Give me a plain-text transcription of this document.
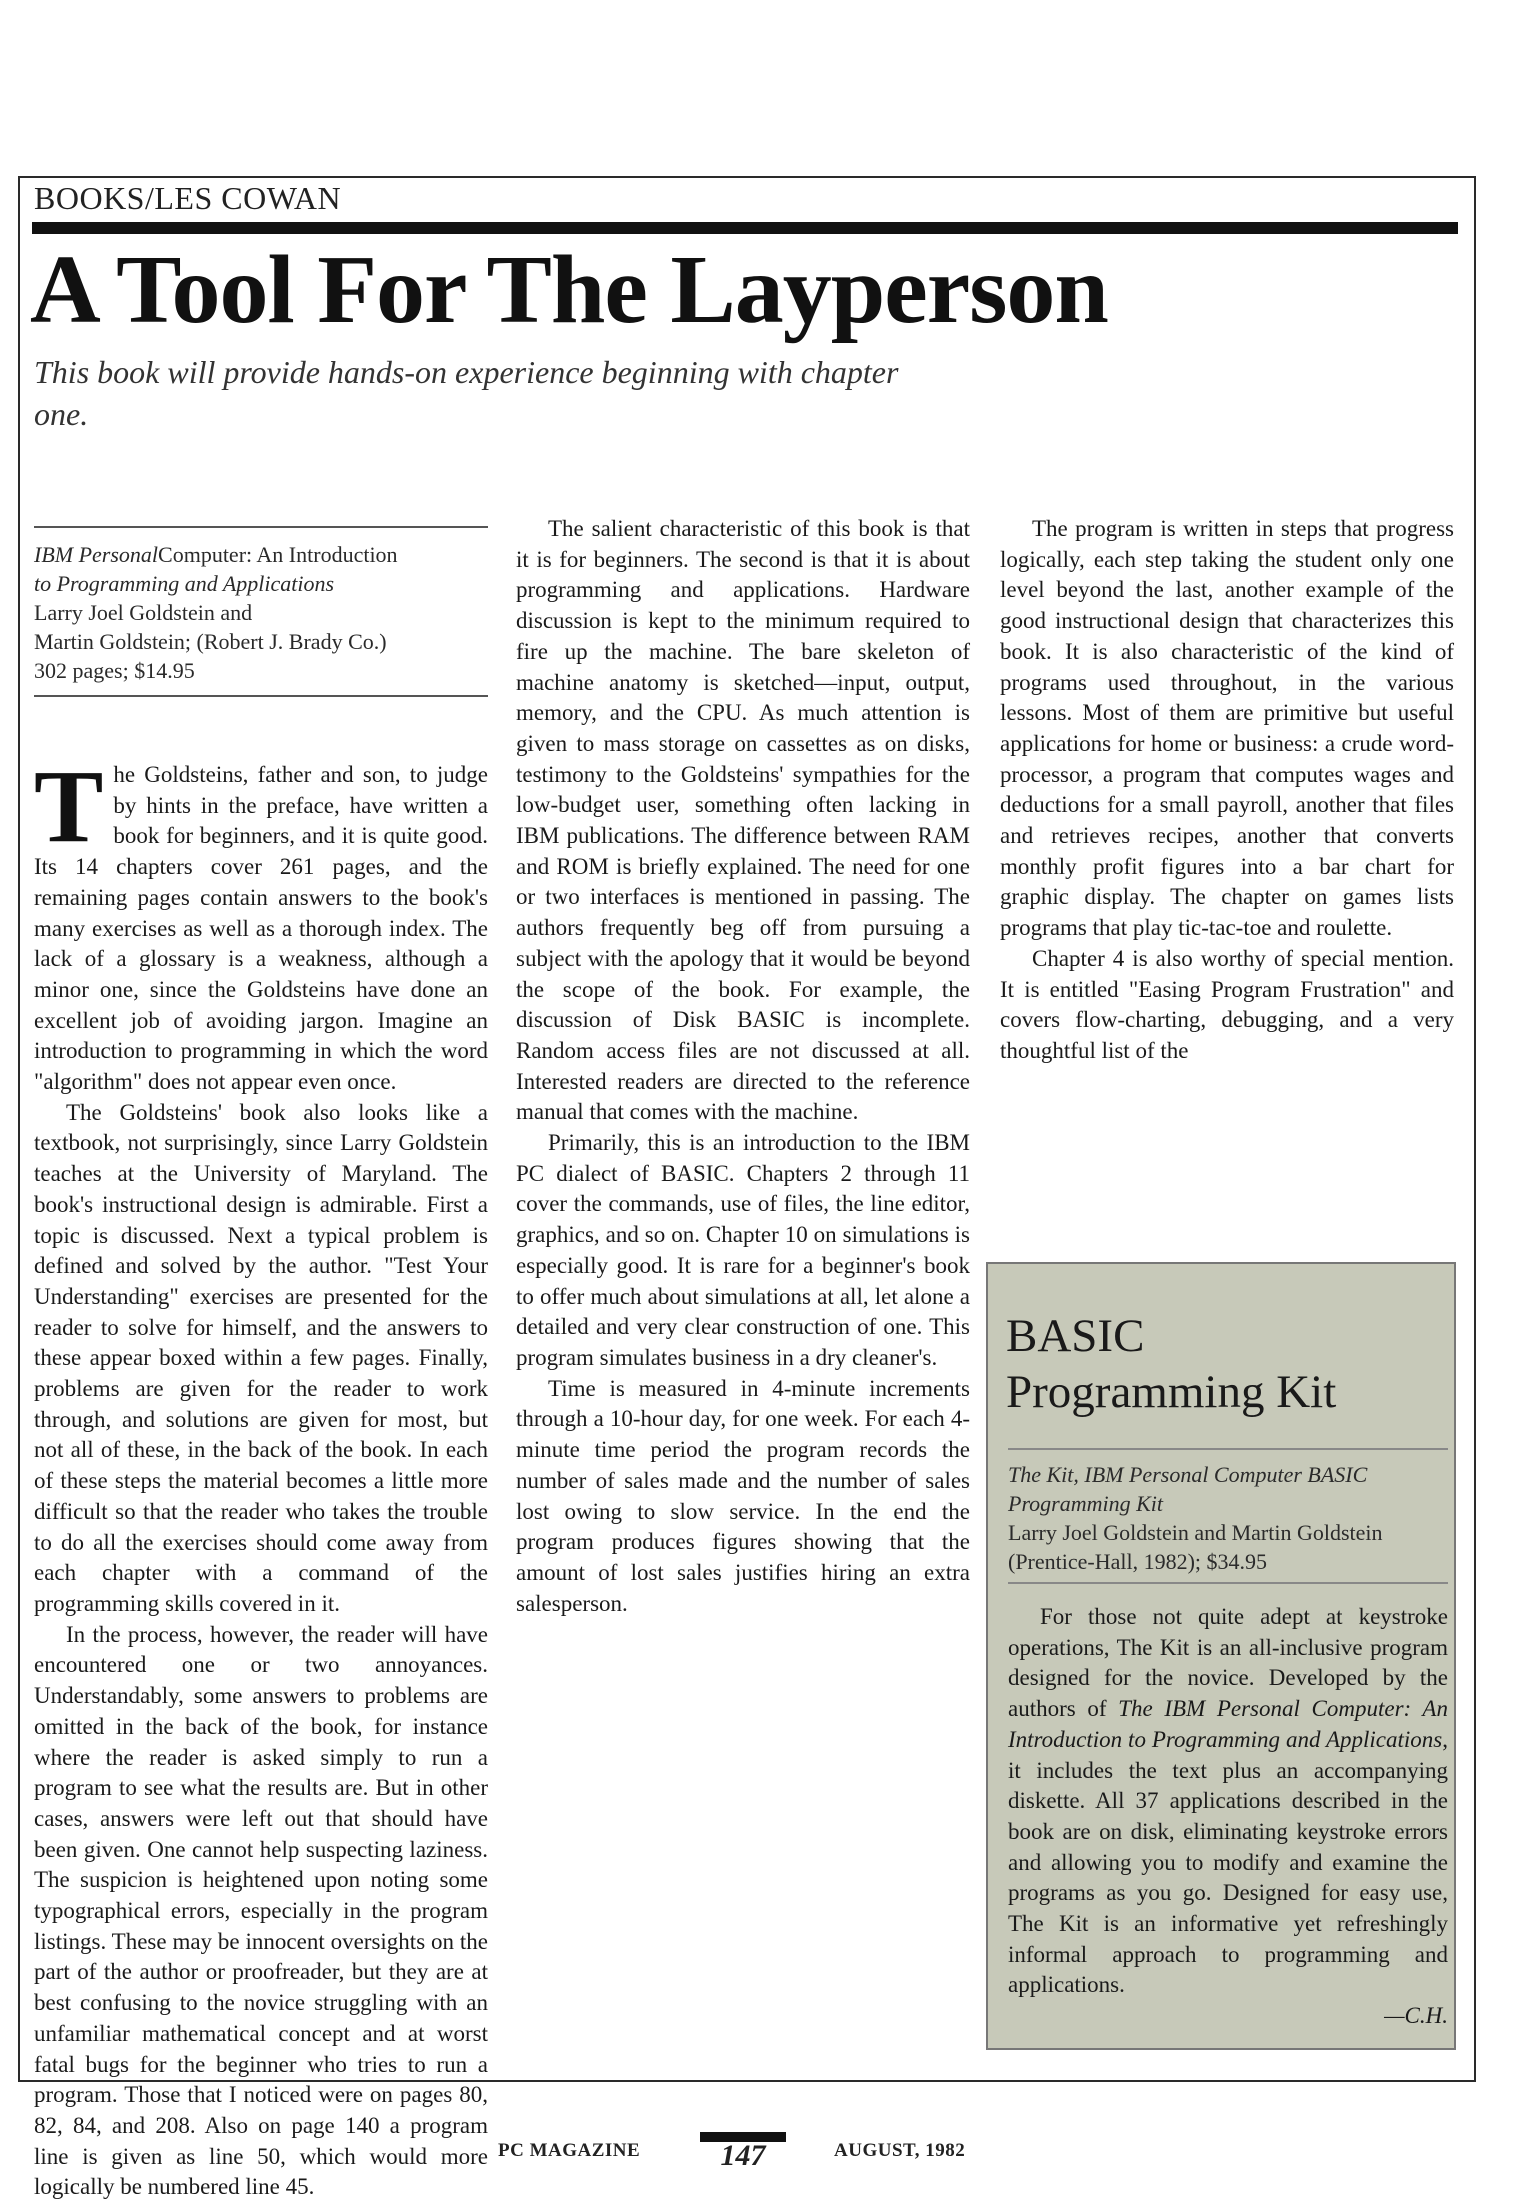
BOOKS/LES COWAN
A Tool For The Layperson
This book will provide hands-on experience beginning with chapter one.
IBM PersonalComputer: An Introduction
to Programming and Applications
Larry Joel Goldstein and
Martin Goldstein; (Robert J. Brady Co.)
302 pages; $14.95

The Goldsteins, father and son, to judge by hints in the preface, have written a book for beginners, and it is quite good. Its 14 chapters cover 261 pages, and the remaining pages contain answers to the book's many exercises as well as a thorough index. The lack of a glossary is a weakness, although a minor one, since the Goldsteins have done an excellent job of avoiding jargon. Imagine an introduction to programming in which the word "algorithm" does not appear even once.

The Goldsteins' book also looks like a textbook, not surprisingly, since Larry Goldstein teaches at the University of Maryland. The book's instructional design is admirable. First a topic is discussed. Next a typical problem is defined and solved by the author. "Test Your Understanding" exercises are presented for the reader to solve for himself, and the answers to these appear boxed within a few pages. Finally, problems are given for the reader to work through, and solutions are given for most, but not all of these, in the back of the book. In each of these steps the material becomes a little more difficult so that the reader who takes the trouble to do all the exercises should come away from each chapter with a command of the programming skills covered in it.

In the process, however, the reader will have encountered one or two annoyances. Understandably, some answers to problems are omitted in the back of the book, for instance where the reader is asked simply to run a program to see what the results are. But in other cases, answers were left out that should have been given. One cannot help suspecting laziness. The suspicion is heightened upon noting some typographical errors, especially in the program listings. These may be innocent oversights on the part of the author or proofreader, but they are at best confusing to the novice struggling with an unfamiliar mathematical concept and at worst fatal bugs for the beginner who tries to run a program. Those that I noticed were on pages 80, 82, 84, and 208. Also on page 140 a program line is given as line 50, which would more logically be numbered line 45.

The salient characteristic of this book is that it is for beginners. The second is that it is about programming and applications. Hardware discussion is kept to the minimum required to fire up the machine. The bare skeleton of machine anatomy is sketched—input, output, memory, and the CPU. As much attention is given to mass storage on cassettes as on disks, testimony to the Goldsteins' sympathies for the low-budget user, something often lacking in IBM publications. The difference between RAM and ROM is briefly explained. The need for one or two interfaces is mentioned in passing. The authors frequently beg off from pursuing a subject with the apology that it would be beyond the scope of the book. For example, the discussion of Disk BASIC is incomplete. Random access files are not discussed at all. Interested readers are directed to the reference manual that comes with the machine.

Primarily, this is an introduction to the IBM PC dialect of BASIC. Chapters 2 through 11 cover the commands, use of files, the line editor, graphics, and so on. Chapter 10 on simulations is especially good. It is rare for a beginner's book to offer much about simulations at all, let alone a detailed and very clear construction of one. This program simulates business in a dry cleaner's.

Time is measured in 4-minute increments through a 10-hour day, for one week. For each 4-minute time period the program records the number of sales made and the number of sales lost owing to slow service. In the end the program produces figures showing that the amount of lost sales justifies hiring an extra salesperson.

The program is written in steps that progress logically, each step taking the student only one level beyond the last, another example of the good instructional design that characterizes this book. It is also characteristic of the kind of programs used throughout, in the various lessons. Most of them are primitive but useful applications for home or business: a crude word-processor, a program that computes wages and deductions for a small payroll, another that files and retrieves recipes, another that converts monthly profit figures into a bar chart for graphic display. The chapter on games lists programs that play tic-tac-toe and roulette.

Chapter 4 is also worthy of special mention. It is entitled "Easing Program Frustration" and covers flow-charting, debugging, and a very thoughtful list of the

BASIC
Programming Kit
The Kit, IBM Personal Computer BASIC
Programming Kit
Larry Joel Goldstein and Martin Goldstein
(Prentice-Hall, 1982); $34.95

For those not quite adept at keystroke operations, The Kit is an all-inclusive program designed for the novice. Developed by the authors of The IBM Personal Computer: An Introduction to Programming and Applications, it includes the text plus an accompanying diskette. All 37 applications described in the book are on disk, eliminating keystroke errors and allowing you to modify and examine the programs as you go. Designed for easy use, The Kit is an informative yet refreshingly informal approach to programming and applications.

—C.H.
PC MAGAZINE	147	AUGUST, 1982
